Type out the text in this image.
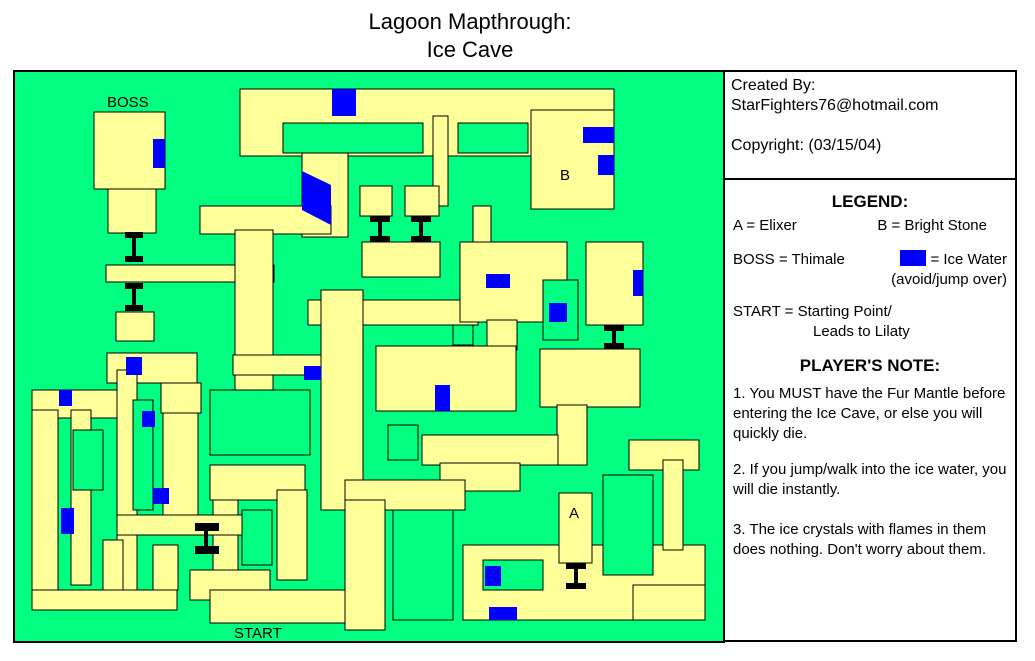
Lagoon Mapthrough:
Ice Cave
BOSS
START
A
B

Created By:

StarFighters76@hotmail.com

Copyright: (03/15/04)

LEGEND:
A = Elixer	B = Bright Stone
BOSS = Thimale	= Ice Water

(avoid/jump over)

START = Starting Point/

Leads to Lilaty

PLAYER'S NOTE:

1. You MUST have the Fur Mantle before entering the Ice Cave, or else you will quickly die.

2. If you jump/walk into the ice water, you will die instantly.

3. The ice crystals with flames in them does nothing. Don't worry about them.
